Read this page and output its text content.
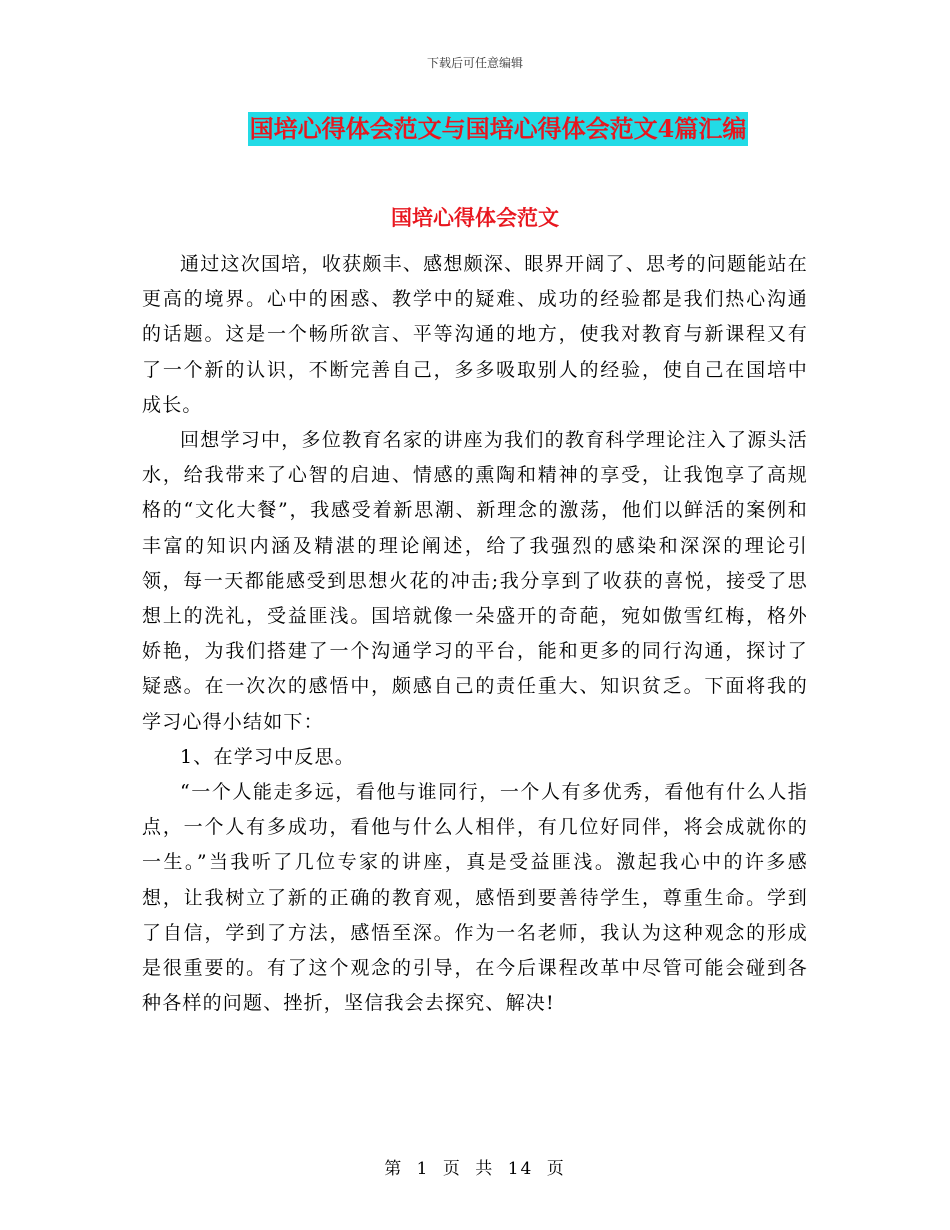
下载后可任意编辑
国培心得体会范文与国培心得体会范文4篇汇编
国培心得体会范文

通过这次国培，收获颇丰、感想颇深、眼界开阔了、思考的问题能站在更高的境界。心中的困惑、教学中的疑难、成功的经验都是我们热心沟通的话题。这是一个畅所欲言、平等沟通的地方，使我对教育与新课程又有了一个新的认识，不断完善自己，多多吸取别人的经验，使自己在国培中成长。

回想学习中，多位教育名家的讲座为我们的教育科学理论注入了源头活水，给我带来了心智的启迪、情感的熏陶和精神的享受，让我饱享了高规格的“文化大餐”，我感受着新思潮、新理念的激荡，他们以鲜活的案例和丰富的知识内涵及精湛的理论阐述，给了我强烈的感染和深深的理论引领，每一天都能感受到思想火花的冲击;我分享到了收获的喜悦，接受了思想上的洗礼，受益匪浅。国培就像一朵盛开的奇葩，宛如傲雪红梅，格外娇艳，为我们搭建了一个沟通学习的平台，能和更多的同行沟通，探讨了疑惑。在一次次的感悟中，颇感自己的责任重大、知识贫乏。下面将我的学习心得小结如下：

1、在学习中反思。

“一个人能走多远，看他与谁同行，一个人有多优秀，看他有什么人指点，一个人有多成功，看他与什么人相伴，有几位好同伴，将会成就你的一生。”当我听了几位专家的讲座，真是受益匪浅。激起我心中的许多感想，让我树立了新的正确的教育观，感悟到要善待学生，尊重生命。学到了自信，学到了方法，感悟至深。作为一名老师，我认为这种观念的形成是很重要的。有了这个观念的引导，在今后课程改革中尽管可能会碰到各种各样的问题、挫折，坚信我会去探究、解决!

第 1 页 共 14 页
